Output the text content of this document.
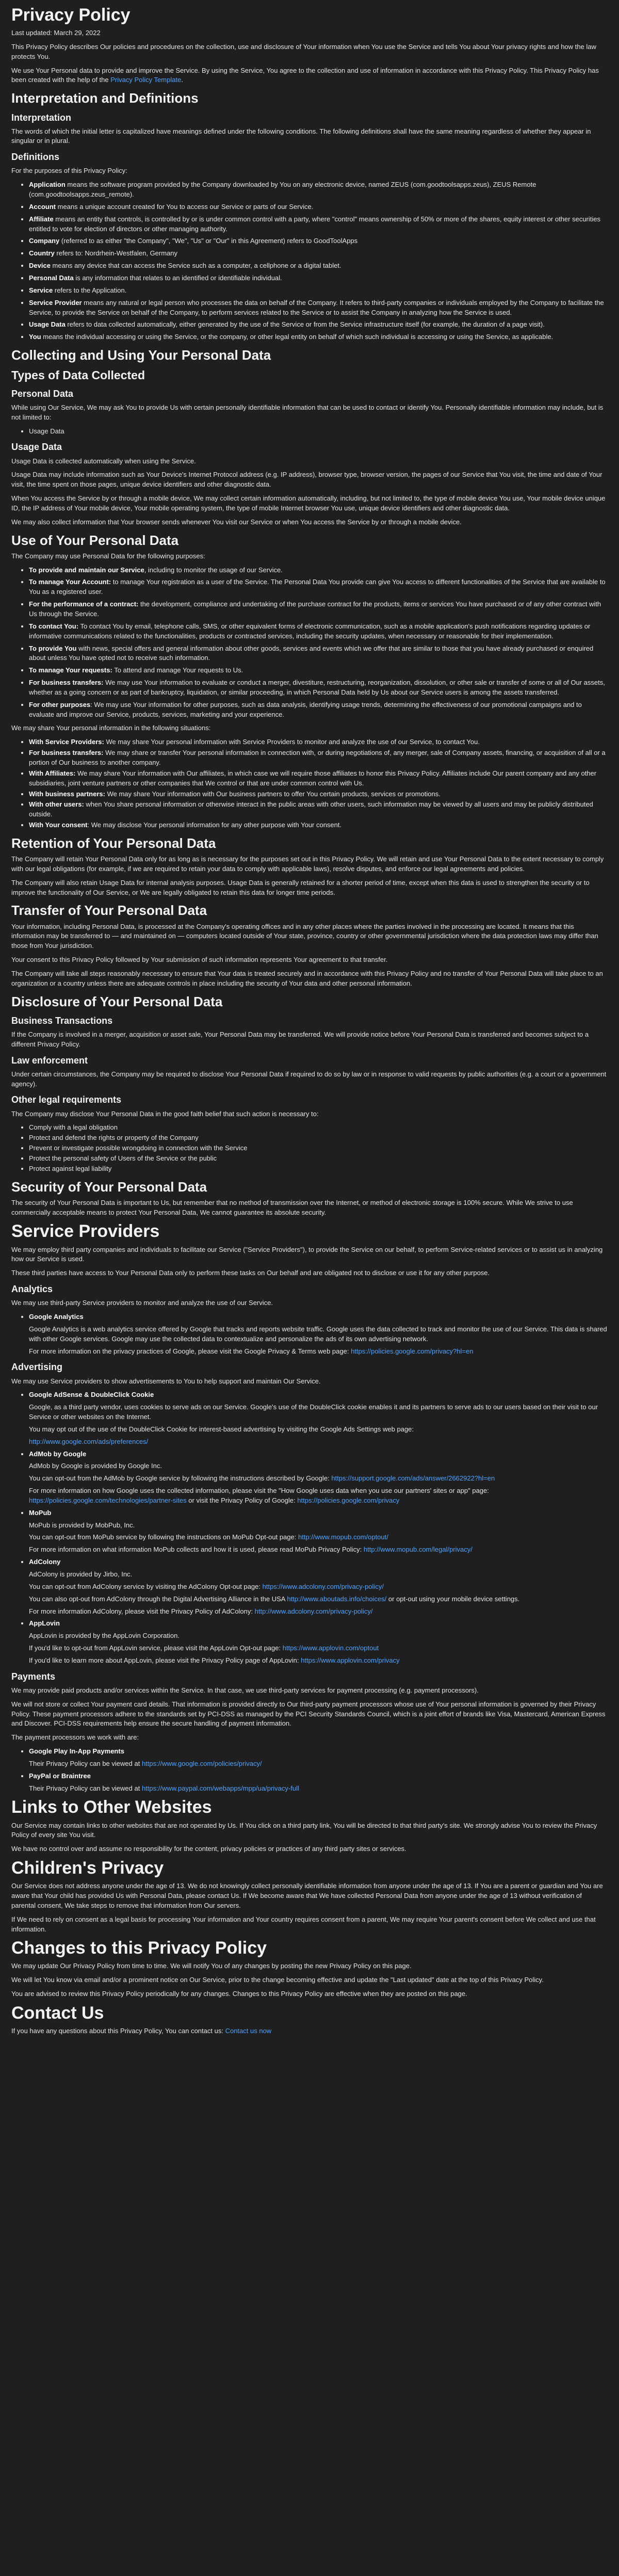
Privacy Policy

Last updated: March 29, 2022

This Privacy Policy describes Our policies and procedures on the collection, use and disclosure of Your information when You use the Service and tells You about Your privacy rights and how the law protects You.

We use Your Personal data to provide and improve the Service. By using the Service, You agree to the collection and use of information in accordance with this Privacy Policy. This Privacy Policy has been created with the help of the Privacy Policy Template.

Interpretation and Definitions
Interpretation

The words of which the initial letter is capitalized have meanings defined under the following conditions. The following definitions shall have the same meaning regardless of whether they appear in singular or in plural.

Definitions

For the purposes of this Privacy Policy:

• Application means the software program provided by the Company downloaded by You on any electronic device, named ZEUS (com.goodtoolsapps.zeus), ZEUS Remote (com.goodtoolsapps.zeus_remote).
• Account means a unique account created for You to access our Service or parts of our Service.
• Affiliate means an entity that controls, is controlled by or is under common control with a party, where "control" means ownership of 50% or more of the shares, equity interest or other securities entitled to vote for election of directors or other managing authority.
• Company (referred to as either "the Company", "We", "Us" or "Our" in this Agreement) refers to GoodToolApps
• Country refers to: Nordrhein-Westfalen, Germany
• Device means any device that can access the Service such as a computer, a cellphone or a digital tablet.
• Personal Data is any information that relates to an identified or identifiable individual.
• Service refers to the Application.
• Service Provider means any natural or legal person who processes the data on behalf of the Company. It refers to third-party companies or individuals employed by the Company to facilitate the Service, to provide the Service on behalf of the Company, to perform services related to the Service or to assist the Company in analyzing how the Service is used.
• Usage Data refers to data collected automatically, either generated by the use of the Service or from the Service infrastructure itself (for example, the duration of a page visit).
• You means the individual accessing or using the Service, or the company, or other legal entity on behalf of which such individual is accessing or using the Service, as applicable.
Collecting and Using Your Personal Data
Types of Data Collected
Personal Data

While using Our Service, We may ask You to provide Us with certain personally identifiable information that can be used to contact or identify You. Personally identifiable information may include, but is not limited to:

• Usage Data
Usage Data

Usage Data is collected automatically when using the Service.

Usage Data may include information such as Your Device's Internet Protocol address (e.g. IP address), browser type, browser version, the pages of our Service that You visit, the time and date of Your visit, the time spent on those pages, unique device identifiers and other diagnostic data.

When You access the Service by or through a mobile device, We may collect certain information automatically, including, but not limited to, the type of mobile device You use, Your mobile device unique ID, the IP address of Your mobile device, Your mobile operating system, the type of mobile Internet browser You use, unique device identifiers and other diagnostic data.

We may also collect information that Your browser sends whenever You visit our Service or when You access the Service by or through a mobile device.

Use of Your Personal Data

The Company may use Personal Data for the following purposes:

• To provide and maintain our Service, including to monitor the usage of our Service.
• To manage Your Account: to manage Your registration as a user of the Service. The Personal Data You provide can give You access to different functionalities of the Service that are available to You as a registered user.
• For the performance of a contract: the development, compliance and undertaking of the purchase contract for the products, items or services You have purchased or of any other contract with Us through the Service.
• To contact You: To contact You by email, telephone calls, SMS, or other equivalent forms of electronic communication, such as a mobile application's push notifications regarding updates or informative communications related to the functionalities, products or contracted services, including the security updates, when necessary or reasonable for their implementation.
• To provide You with news, special offers and general information about other goods, services and events which we offer that are similar to those that you have already purchased or enquired about unless You have opted not to receive such information.
• To manage Your requests: To attend and manage Your requests to Us.
• For business transfers: We may use Your information to evaluate or conduct a merger, divestiture, restructuring, reorganization, dissolution, or other sale or transfer of some or all of Our assets, whether as a going concern or as part of bankruptcy, liquidation, or similar proceeding, in which Personal Data held by Us about our Service users is among the assets transferred.
• For other purposes: We may use Your information for other purposes, such as data analysis, identifying usage trends, determining the effectiveness of our promotional campaigns and to evaluate and improve our Service, products, services, marketing and your experience.

We may share Your personal information in the following situations:

• With Service Providers: We may share Your personal information with Service Providers to monitor and analyze the use of our Service, to contact You.
• For business transfers: We may share or transfer Your personal information in connection with, or during negotiations of, any merger, sale of Company assets, financing, or acquisition of all or a portion of Our business to another company.
• With Affiliates: We may share Your information with Our affiliates, in which case we will require those affiliates to honor this Privacy Policy. Affiliates include Our parent company and any other subsidiaries, joint venture partners or other companies that We control or that are under common control with Us.
• With business partners: We may share Your information with Our business partners to offer You certain products, services or promotions.
• With other users: when You share personal information or otherwise interact in the public areas with other users, such information may be viewed by all users and may be publicly distributed outside.
• With Your consent: We may disclose Your personal information for any other purpose with Your consent.
Retention of Your Personal Data

The Company will retain Your Personal Data only for as long as is necessary for the purposes set out in this Privacy Policy. We will retain and use Your Personal Data to the extent necessary to comply with our legal obligations (for example, if we are required to retain your data to comply with applicable laws), resolve disputes, and enforce our legal agreements and policies.

The Company will also retain Usage Data for internal analysis purposes. Usage Data is generally retained for a shorter period of time, except when this data is used to strengthen the security or to improve the functionality of Our Service, or We are legally obligated to retain this data for longer time periods.

Transfer of Your Personal Data

Your information, including Personal Data, is processed at the Company's operating offices and in any other places where the parties involved in the processing are located. It means that this information may be transferred to — and maintained on — computers located outside of Your state, province, country or other governmental jurisdiction where the data protection laws may differ than those from Your jurisdiction.

Your consent to this Privacy Policy followed by Your submission of such information represents Your agreement to that transfer.

The Company will take all steps reasonably necessary to ensure that Your data is treated securely and in accordance with this Privacy Policy and no transfer of Your Personal Data will take place to an organization or a country unless there are adequate controls in place including the security of Your data and other personal information.

Disclosure of Your Personal Data
Business Transactions

If the Company is involved in a merger, acquisition or asset sale, Your Personal Data may be transferred. We will provide notice before Your Personal Data is transferred and becomes subject to a different Privacy Policy.

Law enforcement

Under certain circumstances, the Company may be required to disclose Your Personal Data if required to do so by law or in response to valid requests by public authorities (e.g. a court or a government agency).

Other legal requirements

The Company may disclose Your Personal Data in the good faith belief that such action is necessary to:

• Comply with a legal obligation
• Protect and defend the rights or property of the Company
• Prevent or investigate possible wrongdoing in connection with the Service
• Protect the personal safety of Users of the Service or the public
• Protect against legal liability
Security of Your Personal Data

The security of Your Personal Data is important to Us, but remember that no method of transmission over the Internet, or method of electronic storage is 100% secure. While We strive to use commercially acceptable means to protect Your Personal Data, We cannot guarantee its absolute security.

Service Providers

We may employ third party companies and individuals to facilitate our Service ("Service Providers"), to provide the Service on our behalf, to perform Service-related services or to assist us in analyzing how our Service is used.

These third parties have access to Your Personal Data only to perform these tasks on Our behalf and are obligated not to disclose or use it for any other purpose.

Analytics

We may use third-party Service providers to monitor and analyze the use of our Service.

• Google Analytics

Google Analytics is a web analytics service offered by Google that tracks and reports website traffic. Google uses the data collected to track and monitor the use of our Service. This data is shared with other Google services. Google may use the collected data to contextualize and personalize the ads of its own advertising network.

For more information on the privacy practices of Google, please visit the Google Privacy & Terms web page: https://policies.google.com/privacy?hl=en

Advertising

We may use Service providers to show advertisements to You to help support and maintain Our Service.

• Google AdSense & DoubleClick Cookie

Google, as a third party vendor, uses cookies to serve ads on our Service. Google's use of the DoubleClick cookie enables it and its partners to serve ads to our users based on their visit to our Service or other websites on the Internet.

You may opt out of the use of the DoubleClick Cookie for interest-based advertising by visiting the Google Ads Settings web page:

http://www.google.com/ads/preferences/

• AdMob by Google

AdMob by Google is provided by Google Inc.

You can opt-out from the AdMob by Google service by following the instructions described by Google: https://support.google.com/ads/answer/2662922?hl=en

For more information on how Google uses the collected information, please visit the "How Google uses data when you use our partners' sites or app" page: https://policies.google.com/technologies/partner-sites or visit the Privacy Policy of Google: https://policies.google.com/privacy

• MoPub

MoPub is provided by MobPub, Inc.

You can opt-out from MoPub service by following the instructions on MoPub Opt-out page: http://www.mopub.com/optout/

For more information on what information MoPub collects and how it is used, please read MoPub Privacy Policy: http://www.mopub.com/legal/privacy/

• AdColony

AdColony is provided by Jirbo, Inc.

You can opt-out from AdColony service by visiting the AdColony Opt-out page: https://www.adcolony.com/privacy-policy/

You can also opt-out from AdColony through the Digital Advertising Alliance in the USA http://www.aboutads.info/choices/ or opt-out using your mobile device settings.

For more information AdColony, please visit the Privacy Policy of AdColony: http://www.adcolony.com/privacy-policy/

• AppLovin

AppLovin is provided by the AppLovin Corporation.

If you'd like to opt-out from AppLovin service, please visit the AppLovin Opt-out page: https://www.applovin.com/optout

If you'd like to learn more about AppLovin, please visit the Privacy Policy page of AppLovin: https://www.applovin.com/privacy

Payments

We may provide paid products and/or services within the Service. In that case, we use third-party services for payment processing (e.g. payment processors).

We will not store or collect Your payment card details. That information is provided directly to Our third-party payment processors whose use of Your personal information is governed by their Privacy Policy. These payment processors adhere to the standards set by PCI-DSS as managed by the PCI Security Standards Council, which is a joint effort of brands like Visa, Mastercard, American Express and Discover. PCI-DSS requirements help ensure the secure handling of payment information.

The payment processors we work with are:

• Google Play In-App Payments

Their Privacy Policy can be viewed at https://www.google.com/policies/privacy/

• PayPal or Braintree

Their Privacy Policy can be viewed at https://www.paypal.com/webapps/mpp/ua/privacy-full

Links to Other Websites

Our Service may contain links to other websites that are not operated by Us. If You click on a third party link, You will be directed to that third party's site. We strongly advise You to review the Privacy Policy of every site You visit.

We have no control over and assume no responsibility for the content, privacy policies or practices of any third party sites or services.

Children's Privacy

Our Service does not address anyone under the age of 13. We do not knowingly collect personally identifiable information from anyone under the age of 13. If You are a parent or guardian and You are aware that Your child has provided Us with Personal Data, please contact Us. If We become aware that We have collected Personal Data from anyone under the age of 13 without verification of parental consent, We take steps to remove that information from Our servers.

If We need to rely on consent as a legal basis for processing Your information and Your country requires consent from a parent, We may require Your parent's consent before We collect and use that information.

Changes to this Privacy Policy

We may update Our Privacy Policy from time to time. We will notify You of any changes by posting the new Privacy Policy on this page.

We will let You know via email and/or a prominent notice on Our Service, prior to the change becoming effective and update the "Last updated" date at the top of this Privacy Policy.

You are advised to review this Privacy Policy periodically for any changes. Changes to this Privacy Policy are effective when they are posted on this page.

Contact Us

If you have any questions about this Privacy Policy, You can contact us: Contact us now
